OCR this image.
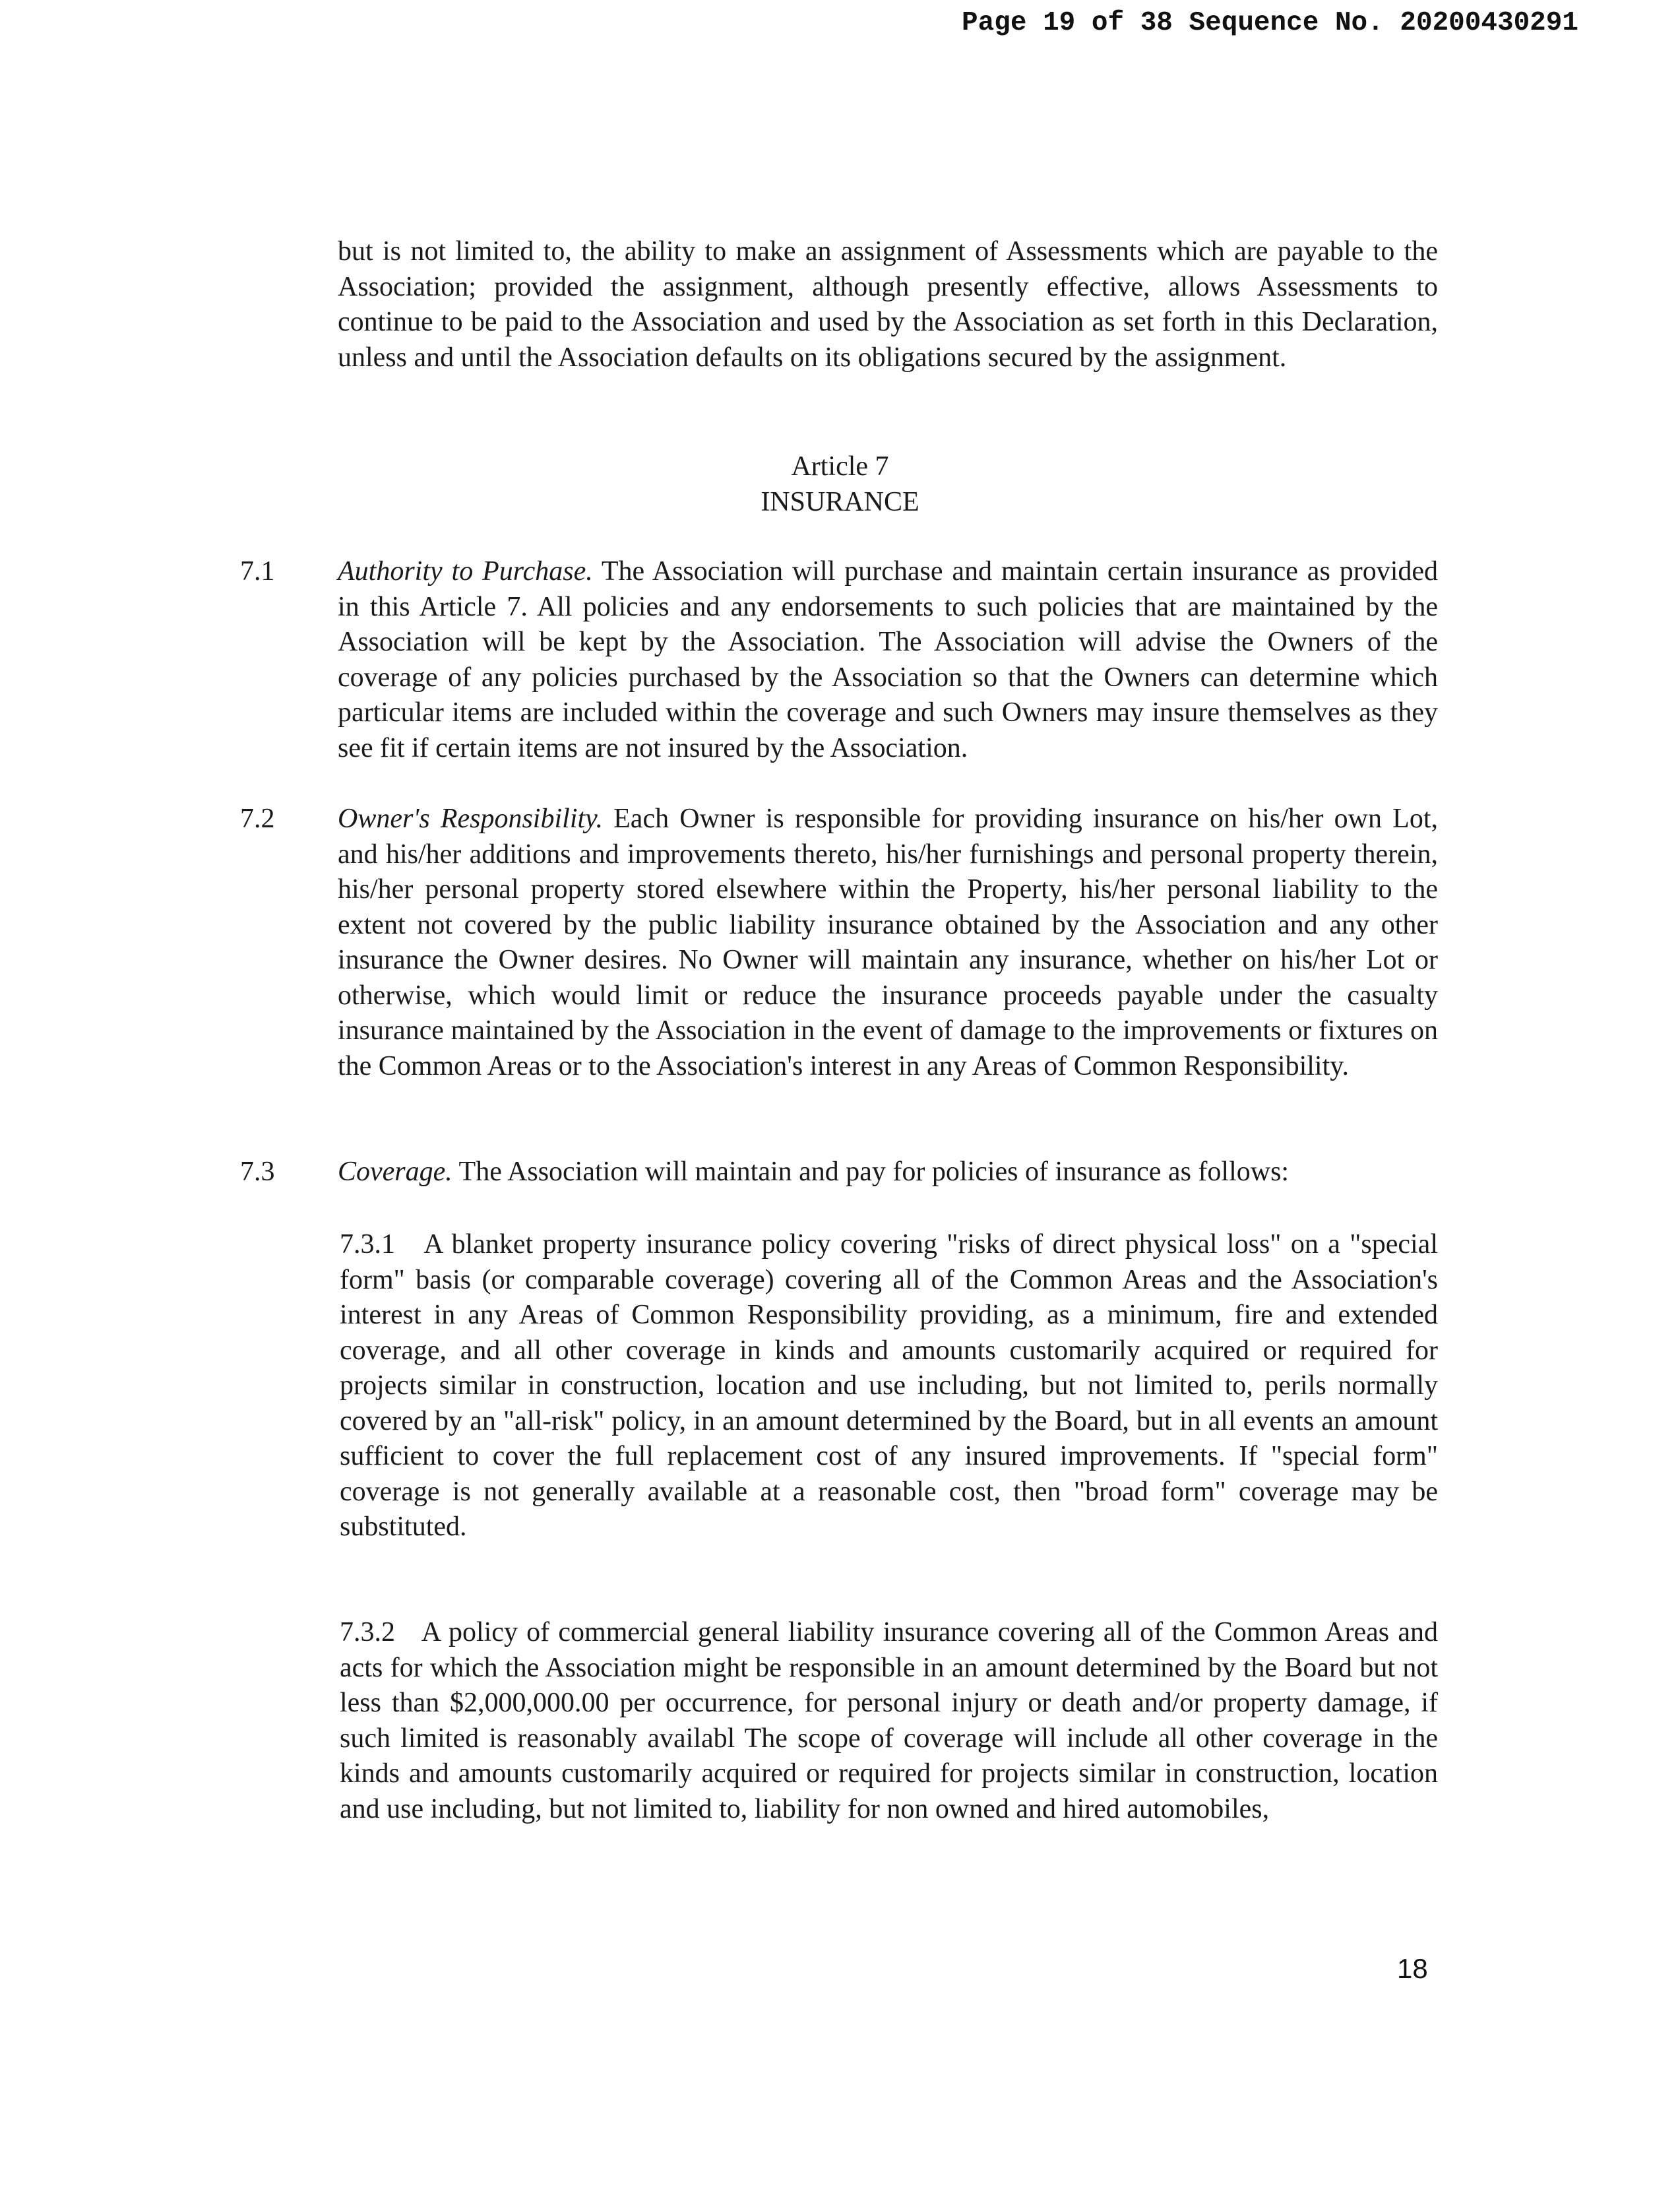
Page 19 of 38 Sequence No. 20200430291

but is not limited to, the ability to make an assignment of Assessments which are payable to the Association; provided the assignment, although presently effective, allows Assessments to continue to be paid to the Association and used by the Association as set forth in this Declaration, unless and until the Association defaults on its obligations secured by the assignment.

Article 7
INSURANCE
7.1 Authority to Purchase. The Association will purchase and maintain certain insurance as provided in this Article 7. All policies and any endorsements to such policies that are maintained by the Association will be kept by the Association. The Association will advise the Owners of the coverage of any policies purchased by the Association so that the Owners can determine which particular items are included within the coverage and such Owners may insure themselves as they see fit if certain items are not insured by the Association.

7.2 Owner's Responsibility. Each Owner is responsible for providing insurance on his/her own Lot, and his/her additions and improvements thereto, his/her furnishings and personal property therein, his/her personal property stored elsewhere within the Property, his/her personal liability to the extent not covered by the public liability insurance obtained by the Association and any other insurance the Owner desires. No Owner will maintain any insurance, whether on his/her Lot or otherwise, which would limit or reduce the insurance proceeds payable under the casualty insurance maintained by the Association in the event of damage to the improvements or fixtures on the Common Areas or to the Association's interest in any Areas of Common Responsibility.

7.3 Coverage. The Association will maintain and pay for policies of insurance as follows:

7.3.1 A blanket property insurance policy covering "risks of direct physical loss" on a "special form" basis (or comparable coverage) covering all of the Common Areas and the Association's interest in any Areas of Common Responsibility providing, as a minimum, fire and extended coverage, and all other coverage in kinds and amounts customarily acquired or required for projects similar in construction, location and use including, but not limited to, perils normally covered by an "all-risk" policy, in an amount determined by the Board, but in all events an amount sufficient to cover the full replacement cost of any insured improvements. If "special form" coverage is not generally available at a reasonable cost, then "broad form" coverage may be substituted.

7.3.2 A policy of commercial general liability insurance covering all of the Common Areas and acts for which the Association might be responsible in an amount determined by the Board but not less than $2,000,000.00 per occurrence, for personal injury or death and/or property damage, if such limited is reasonably availabl The scope of coverage will include all other coverage in the kinds and amounts customarily acquired or required for projects similar in construction, location and use including, but not limited to, liability for non owned and hired automobiles,

18
